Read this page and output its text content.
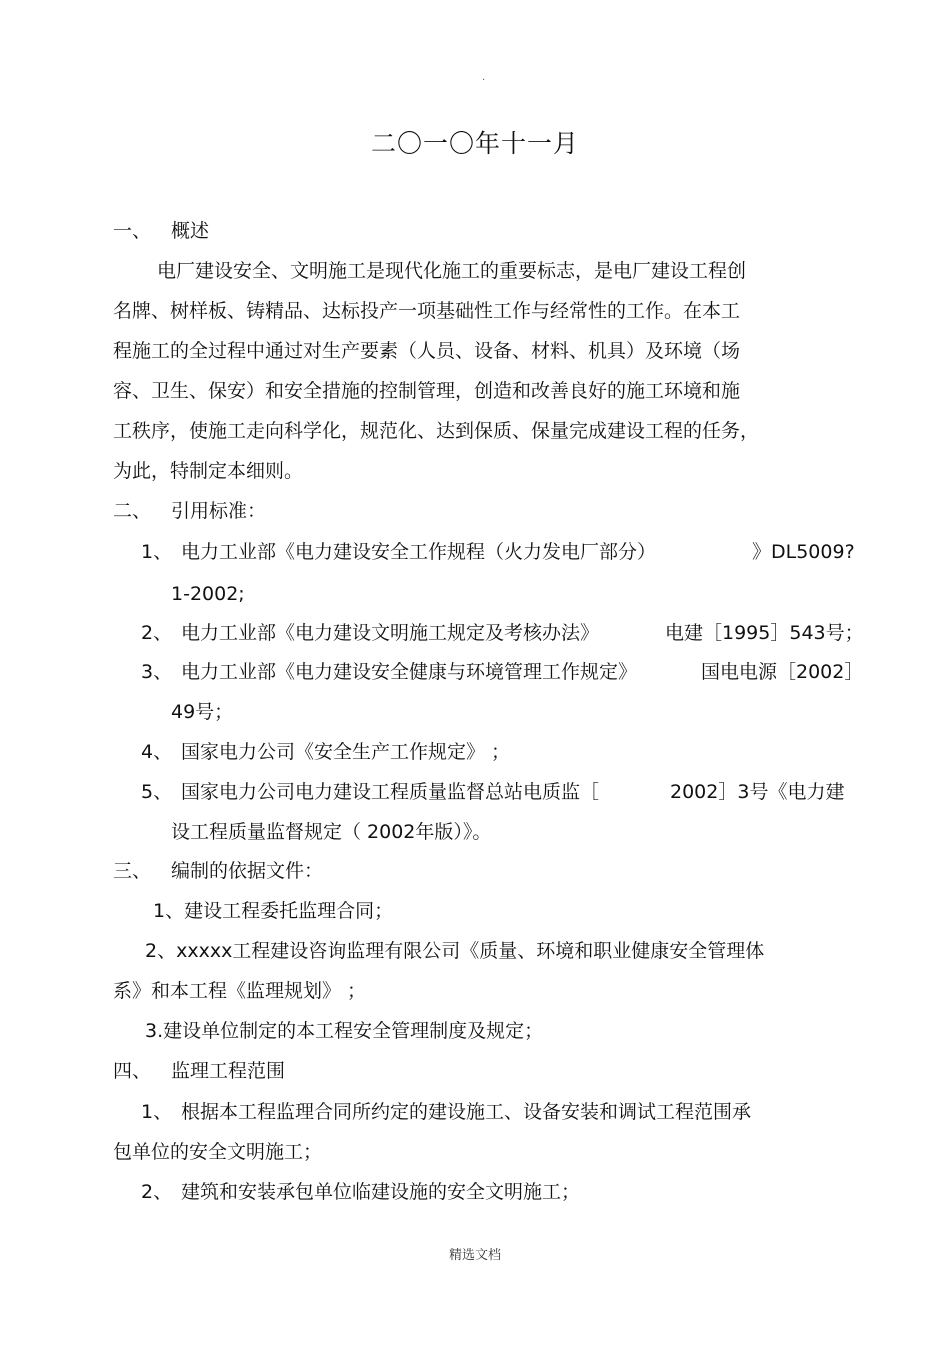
.
二〇一〇年十一月
一、 概述
电厂建设安全、文明施工是现代化施工的重要标志，是电厂建设工程创
名牌、树样板、铸精品、达标投产一项基础性工作与经常性的工作。在本工
程施工的全过程中通过对生产要素（人员、设备、材料、机具）及环境（场
容、卫生、保安）和安全措施的控制管理，创造和改善良好的施工环境和施
工秩序，使施工走向科学化，规范化、达到保质、保量完成建设工程的任务，
为此，特制定本细则。
二、 引用标准：
1、 电力工业部《电力建设安全工作规程（火力发电厂部分）	》DL5009?
1-2002;
2、 电力工业部《电力建设文明施工规定及考核办法》	电建［1995］543号；
3、 电力工业部《电力建设安全健康与环境管理工作规定》	国电电源［2002］
49号；
4、 国家电力公司《安全生产工作规定》 ；
5、 国家电力公司电力建设工程质量监督总站电质监［	2002］3号《电力建
设工程质量监督规定（ 2002年版）》。
三、 编制的依据文件：
1、建设工程委托监理合同；
2、xxxxx工程建设咨询监理有限公司《质量、环境和职业健康安全管理体
系》和本工程《监理规划》 ；
3.建设单位制定的本工程安全管理制度及规定；
四、 监理工程范围
1、 根据本工程监理合同所约定的建设施工、设备安装和调试工程范围承
包单位的安全文明施工；
2、 建筑和安装承包单位临建设施的安全文明施工；
精选文档
